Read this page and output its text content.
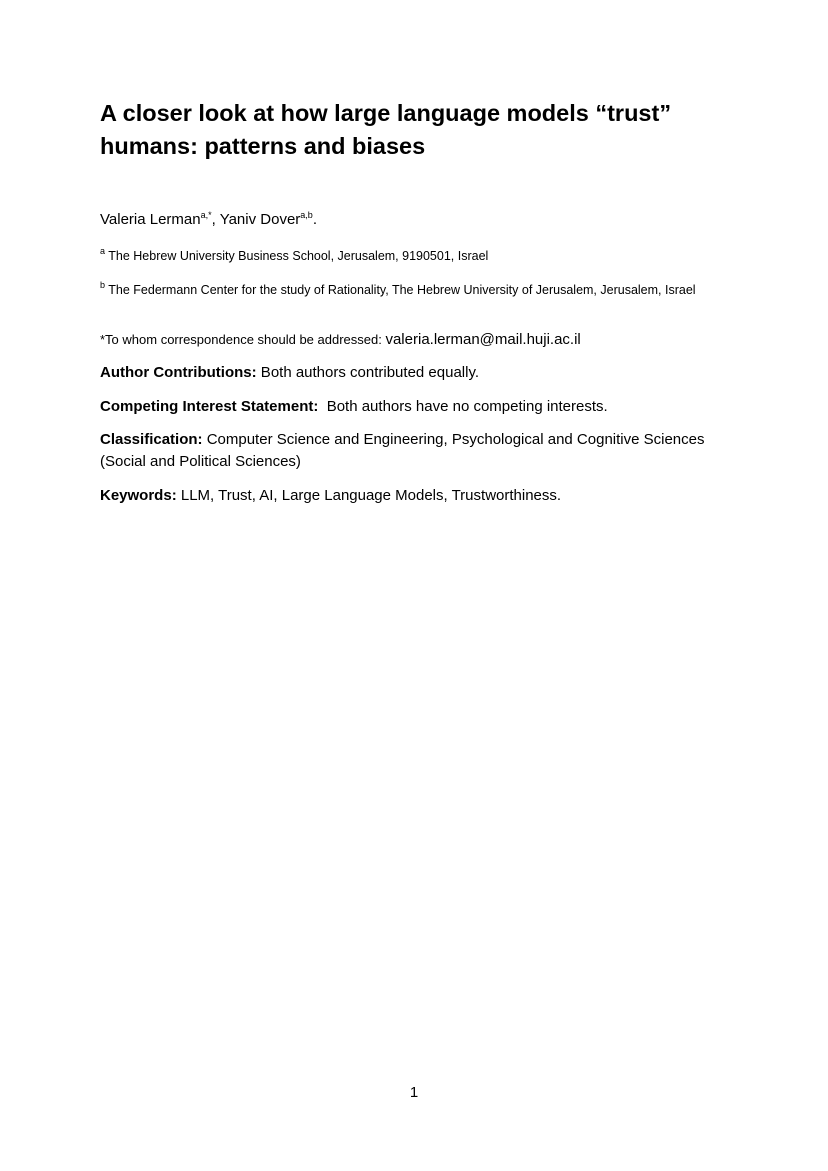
A closer look at how large language models “trust” humans: patterns and biases

Valeria Lerman$^{a,*}$, Yaniv Dover$^{a,b}$.

$^a$ The Hebrew University Business School, Jerusalem, 9190501, Israel

$^b$ The Federmann Center for the study of Rationality, The Hebrew University of Jerusalem, Jerusalem, Israel

*To whom correspondence should be addressed: valeria.lerman@mail.huji.ac.il

Author Contributions: Both authors contributed equally.

Competing Interest Statement:  Both authors have no competing interests.

Classification: Computer Science and Engineering, Psychological and Cognitive Sciences (Social and Political Sciences)

Keywords: LLM, Trust, AI, Large Language Models, Trustworthiness.

1
